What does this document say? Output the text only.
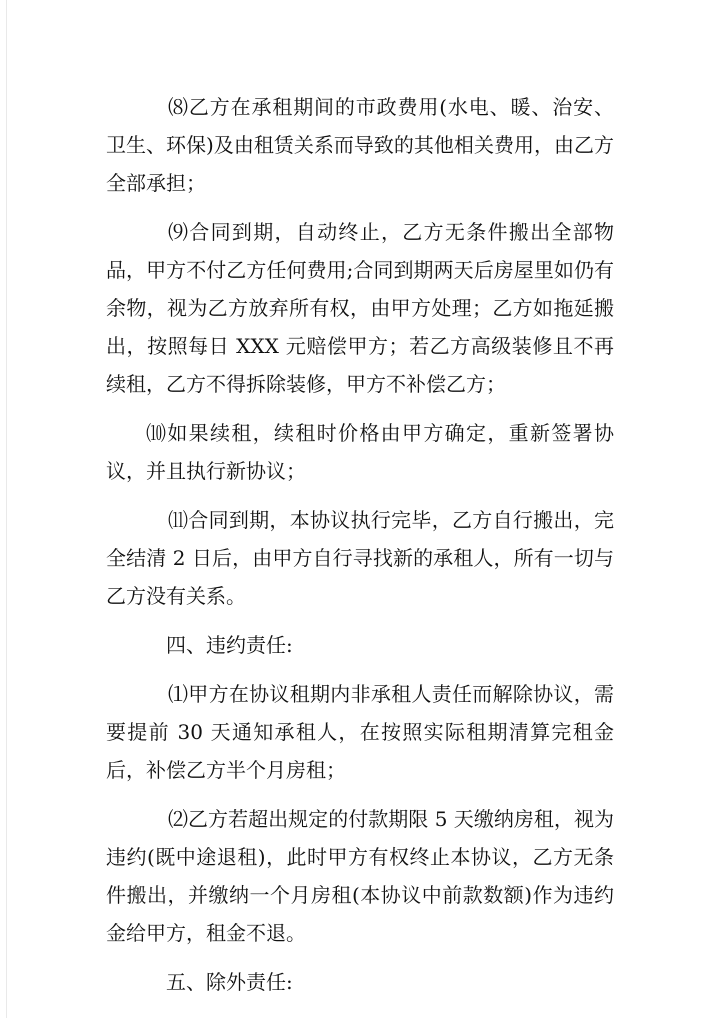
⑻乙方在承租期间的市政费用(水电、暖、治安、卫生、环保)及由租赁关系而导致的其他相关费用，由乙方全部承担；

⑼合同到期，自动终止，乙方无条件搬出全部物品，甲方不付乙方任何费用;合同到期两天后房屋里如仍有余物，视为乙方放弃所有权，由甲方处理；乙方如拖延搬出，按照每日 XXX 元赔偿甲方；若乙方高级装修且不再续租，乙方不得拆除装修，甲方不补偿乙方；

⑽如果续租，续租时价格由甲方确定，重新签署协议，并且执行新协议；

⑾合同到期，本协议执行完毕，乙方自行搬出，完全结清 2 日后，由甲方自行寻找新的承租人，所有一切与乙方没有关系。

四、违约责任:

⑴甲方在协议租期内非承租人责任而解除协议，需要提前 30 天通知承租人，在按照实际租期清算完租金后，补偿乙方半个月房租；

⑵乙方若超出规定的付款期限 5 天缴纳房租，视为违约(既中途退租)，此时甲方有权终止本协议，乙方无条件搬出，并缴纳一个月房租(本协议中前款数额)作为违约金给甲方，租金不退。

五、除外责任:
